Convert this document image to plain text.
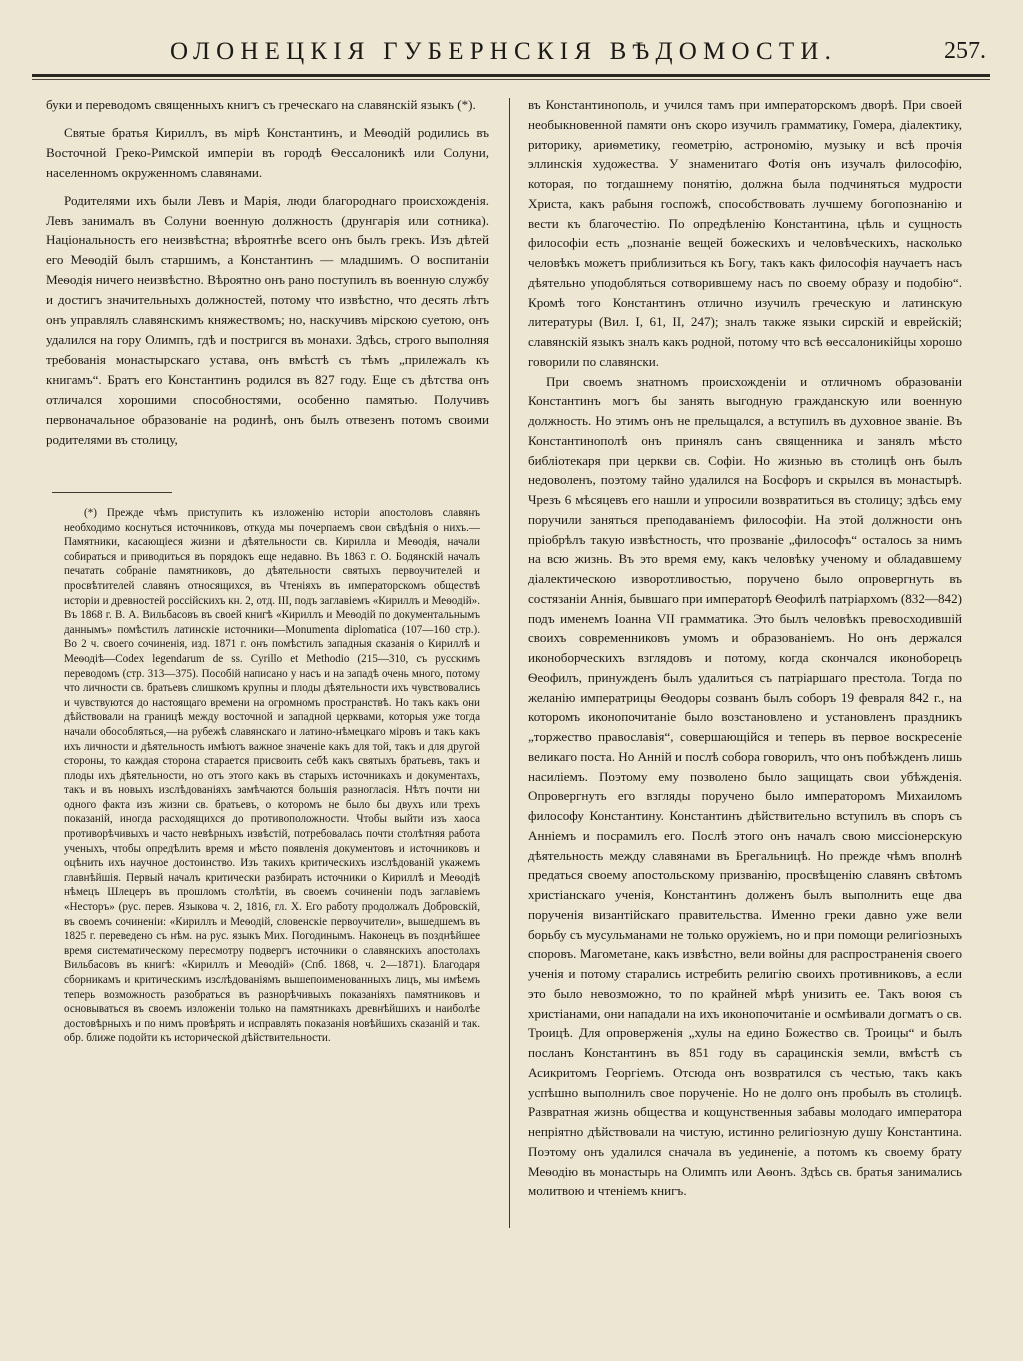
ОЛОНЕЦКІЯ ГУБЕРНСКІЯ ВѢДОМОСТИ.	257.

буки и переводомъ священныхъ книгъ съ греческаго на славянскій языкъ (*).

Святые братья Кириллъ, въ мірѣ Константинъ, и Меѳодій родились въ Восточной Греко-Римской имперіи въ городѣ Ѳессалоникѣ или Солуни, населенномъ окруженномъ славянами.

Родителями ихъ были Левъ и Марія, люди благороднаго происхожденія. Левъ занималъ въ Солуни военную должность (друнгарія или сотника). Національность его неизвѣстна; вѣроятнѣе всего онъ былъ грекъ. Изъ дѣтей его Меѳодій былъ старшимъ, а Константинъ — младшимъ. О воспитаніи Меѳодія ничего неизвѣстно. Вѣроятно онъ рано поступилъ въ военную службу и достигъ значительныхъ должностей, потому что извѣстно, что десять лѣтъ онъ управлялъ славянскимъ княжествомъ; но, наскучивъ мірскою суетою, онъ удалился на гору Олимпъ, гдѣ и постригся въ монахи. Здѣсь, строго выполняя требованія монастырскаго устава, онъ вмѣстѣ съ тѣмъ „прилежалъ къ книгамъ“. Братъ его Константинъ родился въ 827 году. Еще съ дѣтства онъ отличался хорошими способностями, особенно памятью. Получивъ первоначальное образованіе на родинѣ, онъ былъ отвезенъ потомъ своими родителями въ столицу,

(*) Прежде чѣмъ приступить къ изложенію исторіи апостоловъ славянъ необходимо коснуться источниковъ, откуда мы почерпаемъ свои свѣдѣнія о нихъ.—Памятники, касающіеся жизни и дѣятельности св. Кирилла и Меѳодія, начали собираться и приводиться въ порядокъ еще недавно. Въ 1863 г. О. Бодянскій началъ печатать собраніе памятниковъ, до дѣятельности святыхъ первоучителей и просвѣтителей славянъ относящихся, въ Чтеніяхъ въ императорскомъ обществѣ исторіи и древностей россійскихъ кн. 2, отд. III, подъ заглавіемъ «Кириллъ и Меѳодій». Въ 1868 г. В. А. Вильбасовъ въ своей книгѣ «Кириллъ и Меѳодій по документальнымъ даннымъ» помѣстилъ латинскіе источники—Monumenta diplomatica (107—160 стр.). Во 2 ч. своего сочиненія, изд. 1871 г. онъ помѣстилъ западныя сказанія о Кириллѣ и Меѳодіѣ—Codex legendarum de ss. Cyrillo et Methodio (215—310, съ русскимъ переводомъ (стр. 313—375). Пособій написано у насъ и на западѣ очень много, потому что личности св. братьевъ слишкомъ крупны и плоды дѣятельности ихъ чувствовались и чувствуются до настоящаго времени на огромномъ пространствѣ. Но такъ какъ они дѣйствовали на границѣ между восточной и западной церквами, которыя уже тогда начали обособляться,—на рубежѣ славянскаго и латино-нѣмецкаго міровъ и такъ какъ ихъ личности и дѣятельность имѣютъ важное значеніе какъ для той, такъ и для другой стороны, то каждая сторона старается присвоить себѣ какъ святыхъ братьевъ, такъ и плоды ихъ дѣятельности, но отъ этого какъ въ старыхъ источникахъ и документахъ, такъ и въ новыхъ изслѣдованіяхъ замѣчаются большія разногласія. Нѣтъ почти ни одного факта изъ жизни св. братьевъ, о которомъ не было бы двухъ или трехъ показаній, иногда расходящихся до противоположности. Чтобы выйти изъ хаоса противорѣчивыхъ и часто невѣрныхъ извѣстій, потребовалась почти столѣтняя работа ученыхъ, чтобы опредѣлить время и мѣсто появленія документовъ и источниковъ и оцѣнить ихъ научное достоинство. Изъ такихъ критическихъ изслѣдованій укажемъ главнѣйшія. Первый началъ критически разбирать источники о Кириллѣ и Меѳодіѣ нѣмецъ Шлецеръ въ прошломъ столѣтіи, въ своемъ сочиненіи подъ заглавіемъ «Несторъ» (рус. перев. Языкова ч. 2, 1816, гл. X. Его работу продолжалъ Добровскій, въ своемъ сочиненіи: «Кириллъ и Меѳодій, словенскіе первоучители», вышедшемъ въ 1825 г. переведено съ нѣм. на рус. языкъ Мих. Погодинымъ. Наконецъ въ позднѣйшее время систематическому пересмотру подвергъ источники о славянскихъ апостолахъ Вильбасовъ въ книгѣ: «Кириллъ и Меѳодій» (Спб. 1868, ч. 2—1871). Благодаря сборникамъ и критическимъ изслѣдованіямъ вышепоименованныхъ лицъ, мы имѣемъ теперь возможность разобраться въ разнорѣчивыхъ показаніяхъ памятниковъ и основываться въ своемъ изложеніи только на памятникахъ древнѣйшихъ и наиболѣе достовѣрныхъ и по нимъ провѣрять и исправлять показанія новѣйшихъ сказаній и так. обр. ближе подойти къ исторической дѣйствительности.

въ Константинополь, и учился тамъ при императорскомъ дворѣ. При своей необыкновенной памяти онъ скоро изучилъ грамматику, Гомера, діалектику, риторику, ариѳметику, геометрію, астрономію, музыку и всѣ прочія эллинскія художества. У знаменитаго Фотія онъ изучалъ философію, которая, по тогдашнему понятію, должна была подчиняться мудрости Христа, какъ рабыня госпожѣ, способствовать лучшему богопознанію и вести къ благочестію. По опредѣленію Константина, цѣль и сущность философіи есть „познаніе вещей божескихъ и человѣческихъ, насколько человѣкъ можетъ приблизиться къ Богу, такъ какъ философія научаетъ насъ дѣятельно уподобляться сотворившему насъ по своему образу и подобію“. Кромѣ того Константинъ отлично изучилъ греческую и латинскую литературы (Вил. I, 61, II, 247); зналъ также языки сирскій и еврейскій; славянскій языкъ зналъ какъ родной, потому что всѣ ѳессалоникійцы хорошо говорили по славянски.

При своемъ знатномъ происхожденіи и отличномъ образованіи Константинъ могъ бы занять выгодную гражданскую или военную должность. Но этимъ онъ не прельщался, а вступилъ въ духовное званіе. Въ Константинополѣ онъ принялъ санъ священника и занялъ мѣсто библіотекаря при церкви св. Софіи. Но жизнью въ столицѣ онъ былъ недоволенъ, поэтому тайно удалился на Босфоръ и скрылся въ монастырѣ. Чрезъ 6 мѣсяцевъ его нашли и упросили возвратиться въ столицу; здѣсь ему поручили заняться преподаваніемъ философіи. На этой должности онъ пріобрѣлъ такую извѣстность, что прозваніе „философъ“ осталось за нимъ на всю жизнь. Въ это время ему, какъ человѣку ученому и обладавшему діалектическою изворотливостью, поручено было опровергнуть въ состязаніи Аннія, бывшаго при императорѣ Ѳеофилѣ патріархомъ (832—842) подъ именемъ Іоанна VII грамматика. Это былъ человѣкъ превосходившій своихъ современниковъ умомъ и образованіемъ. Но онъ держался иконоборческихъ взглядовъ и потому, когда скончался иконоборецъ Ѳеофилъ, принужденъ былъ удалиться съ патріаршаго престола. Тогда по желанію императрицы Ѳеодоры созванъ былъ соборъ 19 февраля 842 г., на которомъ иконопочитаніе было возстановлено и установленъ праздникъ „торжество православія“, совершающійся и теперь въ первое воскресеніе великаго поста. Но Анній и послѣ собора говорилъ, что онъ побѣжденъ лишь насиліемъ. Поэтому ему позволено было защищать свои убѣжденія. Опровергнуть его взгляды поручено было императоромъ Михаиломъ философу Константину. Константинъ дѣйствительно вступилъ въ споръ съ Анніемъ и посрамилъ его. Послѣ этого онъ началъ свою миссіонерскую дѣятельность между славянами въ Брегальницѣ. Но прежде чѣмъ вполнѣ предаться своему апостольскому призванію, просвѣщенію славянъ свѣтомъ христіанскаго ученія, Константинъ долженъ былъ выполнить еще два порученія византійскаго правительства. Именно греки давно уже вели борьбу съ мусульманами не только оружіемъ, но и при помощи религіозныхъ споровъ. Магометане, какъ извѣстно, вели войны для распространенія своего ученія и потому старались истребить религію своихъ противниковъ, а если это было невозможно, то по крайней мѣрѣ унизить ее. Такъ воюя съ христіанами, они нападали на ихъ иконопочитаніе и осмѣивали догматъ о св. Троицѣ. Для опроверженія „хулы на едино Божество св. Троицы“ и былъ посланъ Константинъ въ 851 году въ сарацинскія земли, вмѣстѣ съ Асикритомъ Георгіемъ. Отсюда онъ возвратился съ честью, такъ какъ успѣшно выполнилъ свое порученіе. Но не долго онъ пробылъ въ столицѣ. Развратная жизнь общества и кощунственныя забавы молодаго императора непріятно дѣйствовали на чистую, истинно религіозную душу Константина. Поэтому онъ удалился сначала въ уединеніе, а потомъ къ своему брату Меѳодію въ монастырь на Олимпъ или Аѳонъ. Здѣсь св. братья занимались молитвою и чтеніемъ книгъ.
